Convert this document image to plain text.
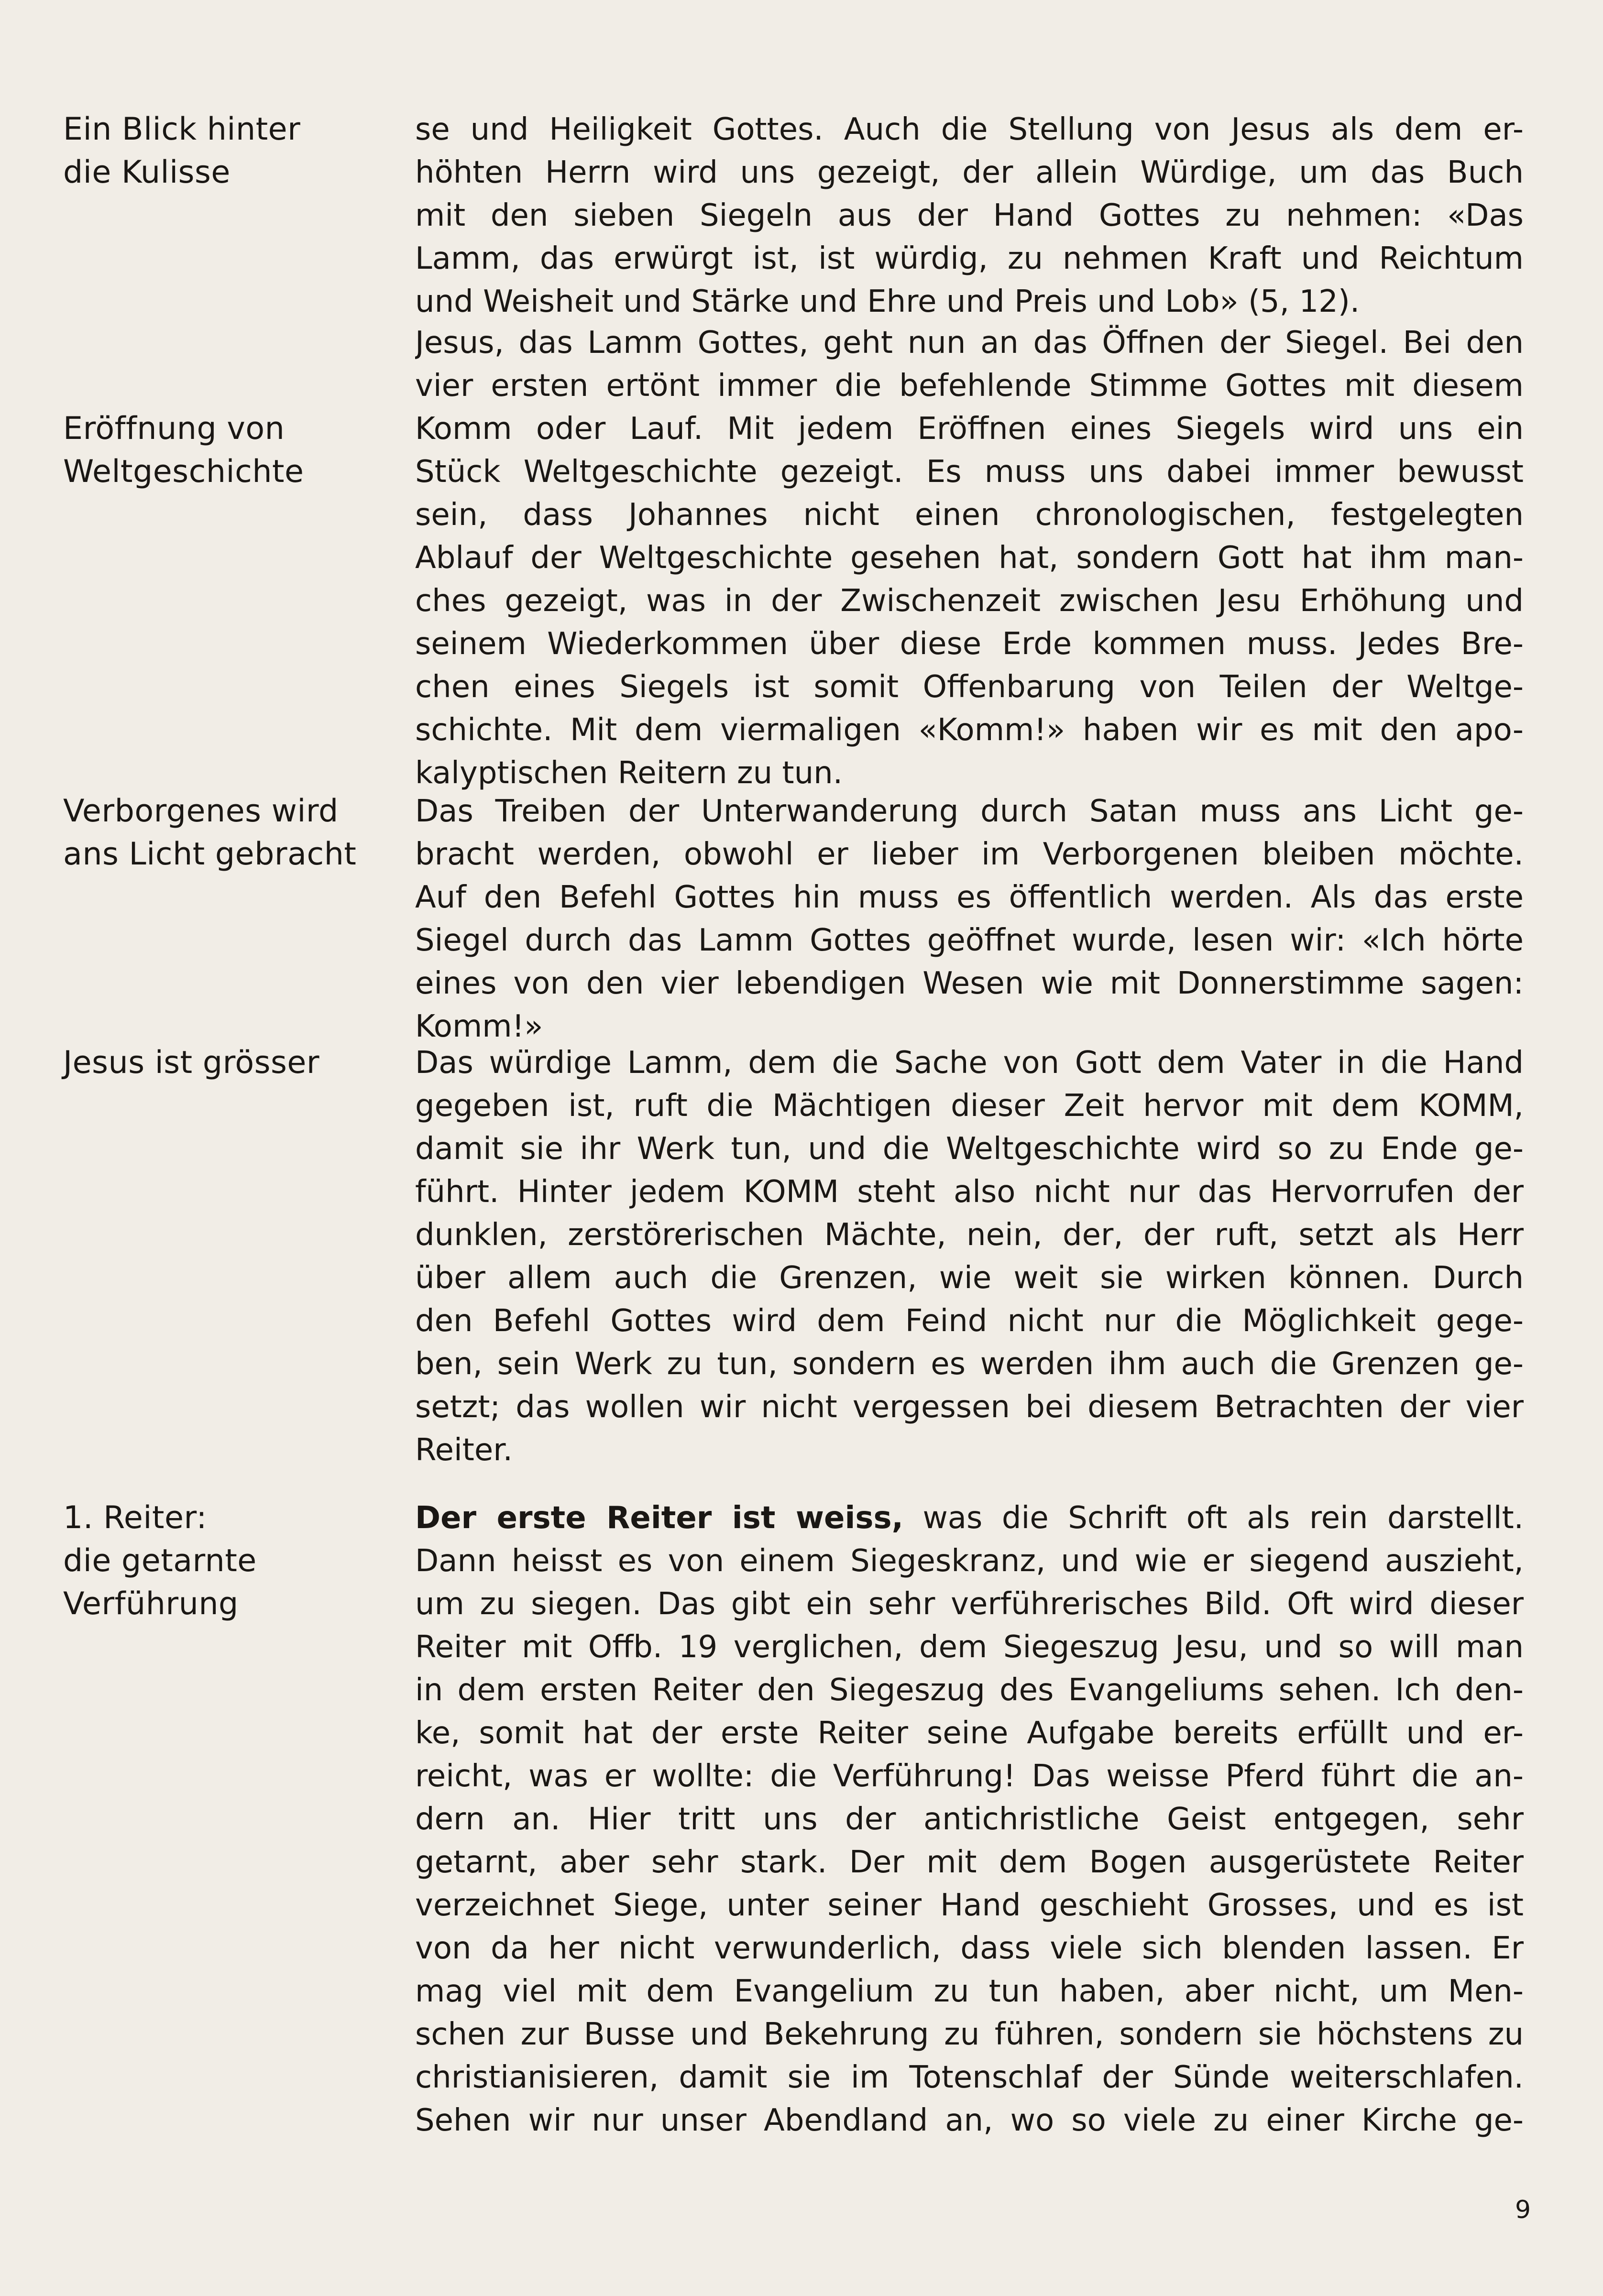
Ein Blick hinter
die Kulisse
se und Heiligkeit Gottes. Auch die Stellung von Jesus als dem er-
höhten Herrn wird uns gezeigt, der allein Würdige, um das Buch
mit den sieben Siegeln aus der Hand Gottes zu nehmen: «Das
Lamm, das erwürgt ist, ist würdig, zu nehmen Kraft und Reichtum
und Weisheit und Stärke und Ehre und Preis und Lob» (5, 12).
Eröffnung von
Weltgeschichte
Jesus, das Lamm Gottes, geht nun an das Öffnen der Siegel. Bei den
vier ersten ertönt immer die befehlende Stimme Gottes mit diesem
Komm oder Lauf. Mit jedem Eröffnen eines Siegels wird uns ein
Stück Weltgeschichte gezeigt. Es muss uns dabei immer bewusst
sein, dass Johannes nicht einen chronologischen, festgelegten
Ablauf der Weltgeschichte gesehen hat, sondern Gott hat ihm man-
ches gezeigt, was in der Zwischenzeit zwischen Jesu Erhöhung und
seinem Wiederkommen über diese Erde kommen muss. Jedes Bre-
chen eines Siegels ist somit Offenbarung von Teilen der Weltge-
schichte. Mit dem viermaligen «Komm!» haben wir es mit den apo-
kalyptischen Reitern zu tun.
Verborgenes wird
ans Licht gebracht
Das Treiben der Unterwanderung durch Satan muss ans Licht ge-
bracht werden, obwohl er lieber im Verborgenen bleiben möchte.
Auf den Befehl Gottes hin muss es öffentlich werden. Als das erste
Siegel durch das Lamm Gottes geöffnet wurde, lesen wir: «Ich hörte
eines von den vier lebendigen Wesen wie mit Donnerstimme sagen:
Komm!»
Jesus ist grösser	Das würdige Lamm, dem die Sache von Gott dem Vater in die Hand
gegeben ist, ruft die Mächtigen dieser Zeit hervor mit dem KOMM,
damit sie ihr Werk tun, und die Weltgeschichte wird so zu Ende ge-
führt. Hinter jedem KOMM steht also nicht nur das Hervorrufen der
dunklen, zerstörerischen Mächte, nein, der, der ruft, setzt als Herr
über allem auch die Grenzen, wie weit sie wirken können. Durch
den Befehl Gottes wird dem Feind nicht nur die Möglichkeit gege-
ben, sein Werk zu tun, sondern es werden ihm auch die Grenzen ge-
setzt; das wollen wir nicht vergessen bei diesem Betrachten der vier
Reiter.
1. Reiter:
die getarnte
Verführung
Der erste Reiter ist weiss, was die Schrift oft als rein darstellt.
Dann heisst es von einem Siegeskranz, und wie er siegend auszieht,
um zu siegen. Das gibt ein sehr verführerisches Bild. Oft wird dieser
Reiter mit Offb. 19 verglichen, dem Siegeszug Jesu, und so will man
in dem ersten Reiter den Siegeszug des Evangeliums sehen. Ich den-
ke, somit hat der erste Reiter seine Aufgabe bereits erfüllt und er-
reicht, was er wollte: die Verführung! Das weisse Pferd führt die an-
dern an. Hier tritt uns der antichristliche Geist entgegen, sehr
getarnt, aber sehr stark. Der mit dem Bogen ausgerüstete Reiter
verzeichnet Siege, unter seiner Hand geschieht Grosses, und es ist
von da her nicht verwunderlich, dass viele sich blenden lassen. Er
mag viel mit dem Evangelium zu tun haben, aber nicht, um Men-
schen zur Busse und Bekehrung zu führen, sondern sie höchstens zu
christianisieren, damit sie im Totenschlaf der Sünde weiterschlafen.
Sehen wir nur unser Abendland an, wo so viele zu einer Kirche ge-
9
